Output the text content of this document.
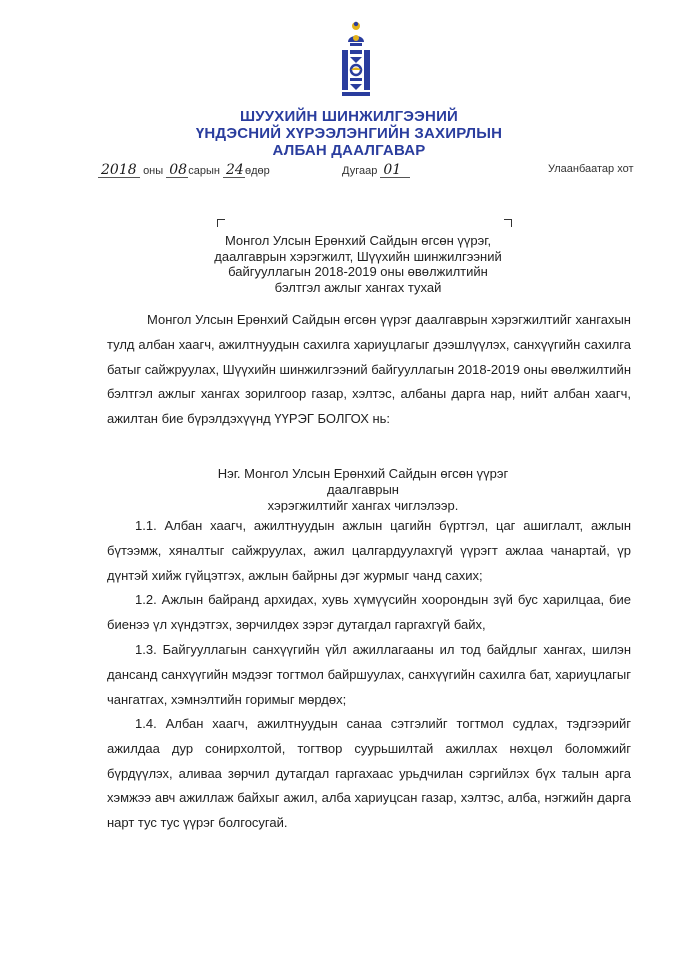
ШУУХИЙН ШИНЖИЛГЭЭНИЙ
ҮНДЭСНИЙ ХҮРЭЭЛЭНГИЙН ЗАХИРЛЫН
АЛБАН ДААЛГАВАР
2018 оны 08сарын 24өдөр	Дугаар 01	Улаанбаатар хот
Монгол Улсын Ерөнхий Сайдын өгсөн үүрэг,
даалгаврын хэрэгжилт, Шүүхийн шинжилгээний
байгууллагын 2018-2019 оны өвөлжилтийн
бэлтгэл ажлыг хангах тухай
Монгол Улсын Ерөнхий Сайдын өгсөн үүрэг даалгаврын хэрэгжилтийг хангахын тулд албан хаагч, ажилтнуудын сахилга хариуцлагыг дээшлүүлэх, санхүүгийн сахилга батыг сайжруулах, Шүүхийн шинжилгээний байгууллагын 2018-2019 оны өвөлжилтийн бэлтгэл ажлыг хангах зорилгоор газар, хэлтэс, албаны дарга нар, нийт албан хаагч, ажилтан бие бүрэлдэхүүнд ҮҮРЭГ БОЛГОХ нь:
Нэг. Монгол Улсын Ерөнхий Сайдын өгсөн үүрэг даалгаврын
хэрэгжилтийг хангах чиглэлээр.
1.1. Албан хаагч, ажилтнуудын ажлын цагийн бүртгэл, цаг ашиглалт, ажлын бүтээмж, хяналтыг сайжруулах, ажил цалгардуулахгүй үүрэгт ажлаа чанартай, үр дүнтэй хийж гүйцэтгэх, ажлын байрны дэг журмыг чанд сахих;
1.2. Ажлын байранд архидах, хувь хүмүүсийн хоорондын зүй бус харилцаа, бие биенээ үл хүндэтгэх, зөрчилдөх зэрэг дутагдал гаргахгүй байх,
1.3. Байгууллагын санхүүгийн үйл ажиллагааны ил тод байдлыг хангах, шилэн дансанд санхүүгийн мэдээг тогтмол байршуулах, санхүүгийн сахилга бат, хариуцлагыг чангатгах, хэмнэлтийн горимыг мөрдөх;
1.4. Албан хаагч, ажилтнуудын санаа сэтгэлийг тогтмол судлах, тэдгээрийг ажилдаа дур сонирхолтой, тогтвор суурьшилтай ажиллах нөхцөл боломжийг бүрдүүлэх, аливаа зөрчил дутагдал гаргахаас урьдчилан сэргийлэх бүх талын арга хэмжээ авч ажиллаж байхыг ажил, алба хариуцсан газар, хэлтэс, алба, нэгжийн дарга нарт тус тус үүрэг болгосугай.
